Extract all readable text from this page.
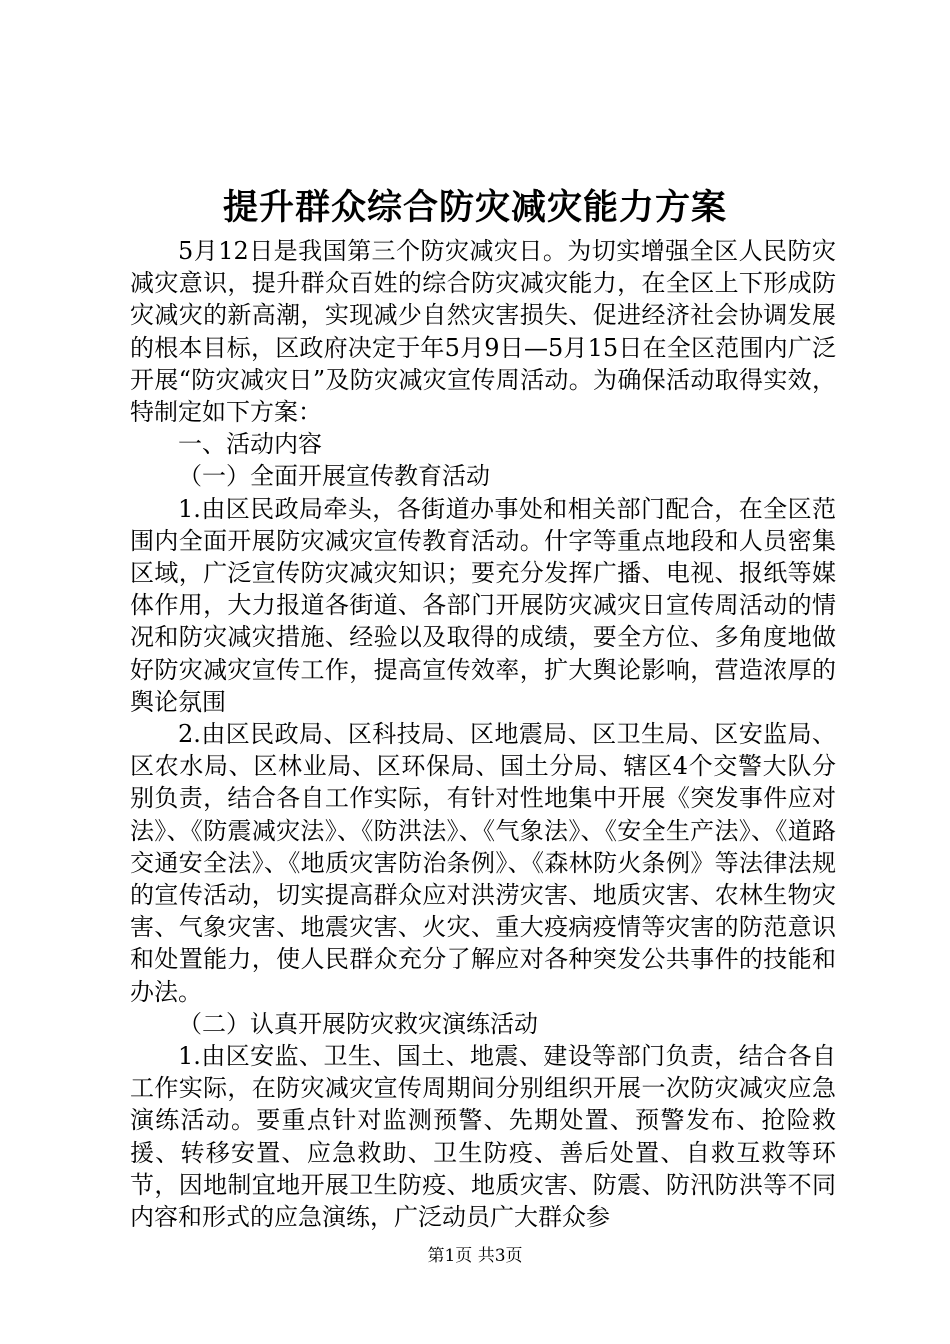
提升群众综合防灾减灾能力方案

5月12日是我国第三个防灾减灾日。为切实增强全区人民防灾减灾意识，提升群众百姓的综合防灾减灾能力，在全区上下形成防灾减灾的新高潮，实现减少自然灾害损失、促进经济社会协调发展的根本目标，区政府决定于年5月9日—5月15日在全区范围内广泛开展“防灾减灾日”及防灾减灾宣传周活动。为确保活动取得实效，特制定如下方案：

一、活动内容

（一）全面开展宣传教育活动

1.由区民政局牵头，各街道办事处和相关部门配合，在全区范围内全面开展防灾减灾宣传教育活动。什字等重点地段和人员密集区域，广泛宣传防灾减灾知识；要充分发挥广播、电视、报纸等媒体作用，大力报道各街道、各部门开展防灾减灾日宣传周活动的情况和防灾减灾措施、经验以及取得的成绩，要全方位、多角度地做好防灾减灾宣传工作，提高宣传效率，扩大舆论影响，营造浓厚的舆论氛围

2.由区民政局、区科技局、区地震局、区卫生局、区安监局、区农水局、区林业局、区环保局、国土分局、辖区4个交警大队分别负责，结合各自工作实际，有针对性地集中开展《突发事件应对法》、《防震减灾法》、《防洪法》、《气象法》、《安全生产法》、《道路交通安全法》、《地质灾害防治条例》、《森林防火条例》等法律法规的宣传活动，切实提高群众应对洪涝灾害、地质灾害、农林生物灾害、气象灾害、地震灾害、火灾、重大疫病疫情等灾害的防范意识和处置能力，使人民群众充分了解应对各种突发公共事件的技能和办法。

（二）认真开展防灾救灾演练活动

1.由区安监、卫生、国土、地震、建设等部门负责，结合各自工作实际，在防灾减灾宣传周期间分别组织开展一次防灾减灾应急演练活动。要重点针对监测预警、先期处置、预警发布、抢险救援、转移安置、应急救助、卫生防疫、善后处置、自救互救等环节，因地制宜地开展卫生防疫、地质灾害、防震、防汛防洪等不同内容和形式的应急演练，广泛动员广大群众参

第1页 共3页
